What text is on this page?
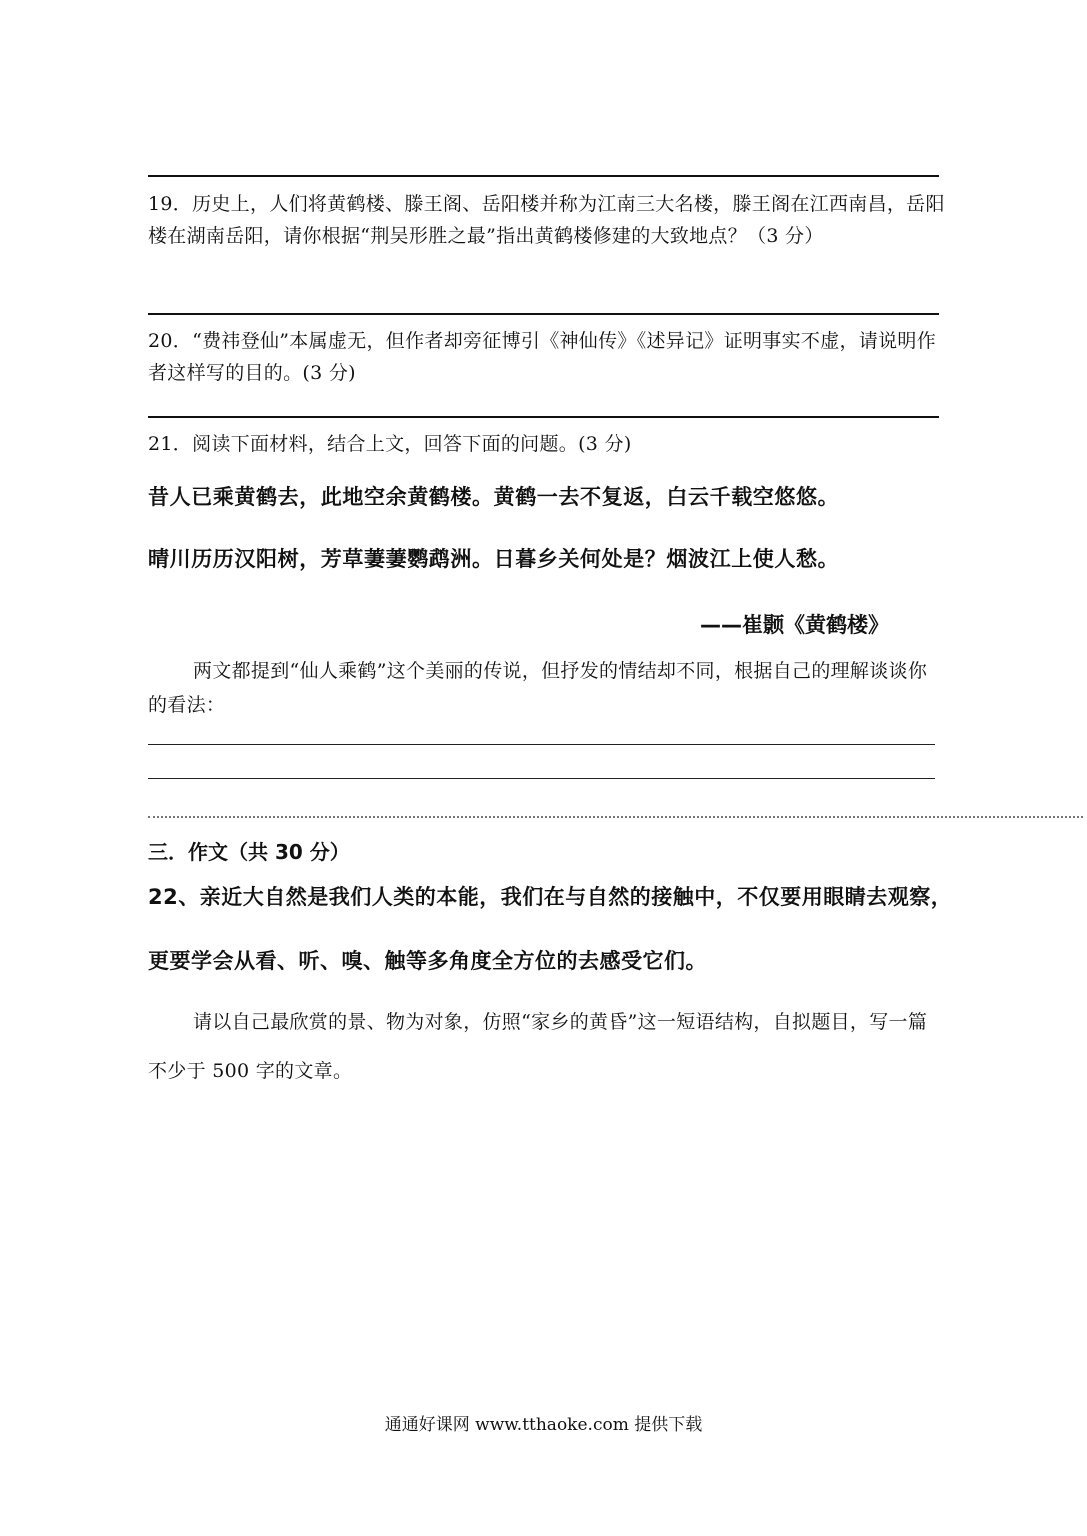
19．历史上，人们将黄鹤楼、滕王阁、岳阳楼并称为江南三大名楼，滕王阁在江西南昌，岳阳楼在湖南岳阳，请你根据“荆吴形胜之最”指出黄鹤楼修建的大致地点？（3 分）
20．“费祎登仙”本属虚无，但作者却旁征博引《神仙传》《述异记》证明事实不虚，请说明作者这样写的目的。(3 分)
21．阅读下面材料，结合上文，回答下面的问题。(3 分)
昔人已乘黄鹤去，此地空余黄鹤楼。黄鹤一去不复返，白云千载空悠悠。
晴川历历汉阳树，芳草萋萋鹦鹉洲。日暮乡关何处是？烟波江上使人愁。
——崔颢《黄鹤楼》
两文都提到“仙人乘鹤”这个美丽的传说，但抒发的情结却不同，根据自己的理解谈谈你的看法：
三．作文（共 30 分）
22、亲近大自然是我们人类的本能，我们在与自然的接触中，不仅要用眼睛去观察，
更要学会从看、听、嗅、触等多角度全方位的去感受它们。
请以自己最欣赏的景、物为对象，仿照“家乡的黄昏”这一短语结构，自拟题目，写一篇不少于 500 字的文章。
通通好课网 www.tthaoke.com 提供下载
